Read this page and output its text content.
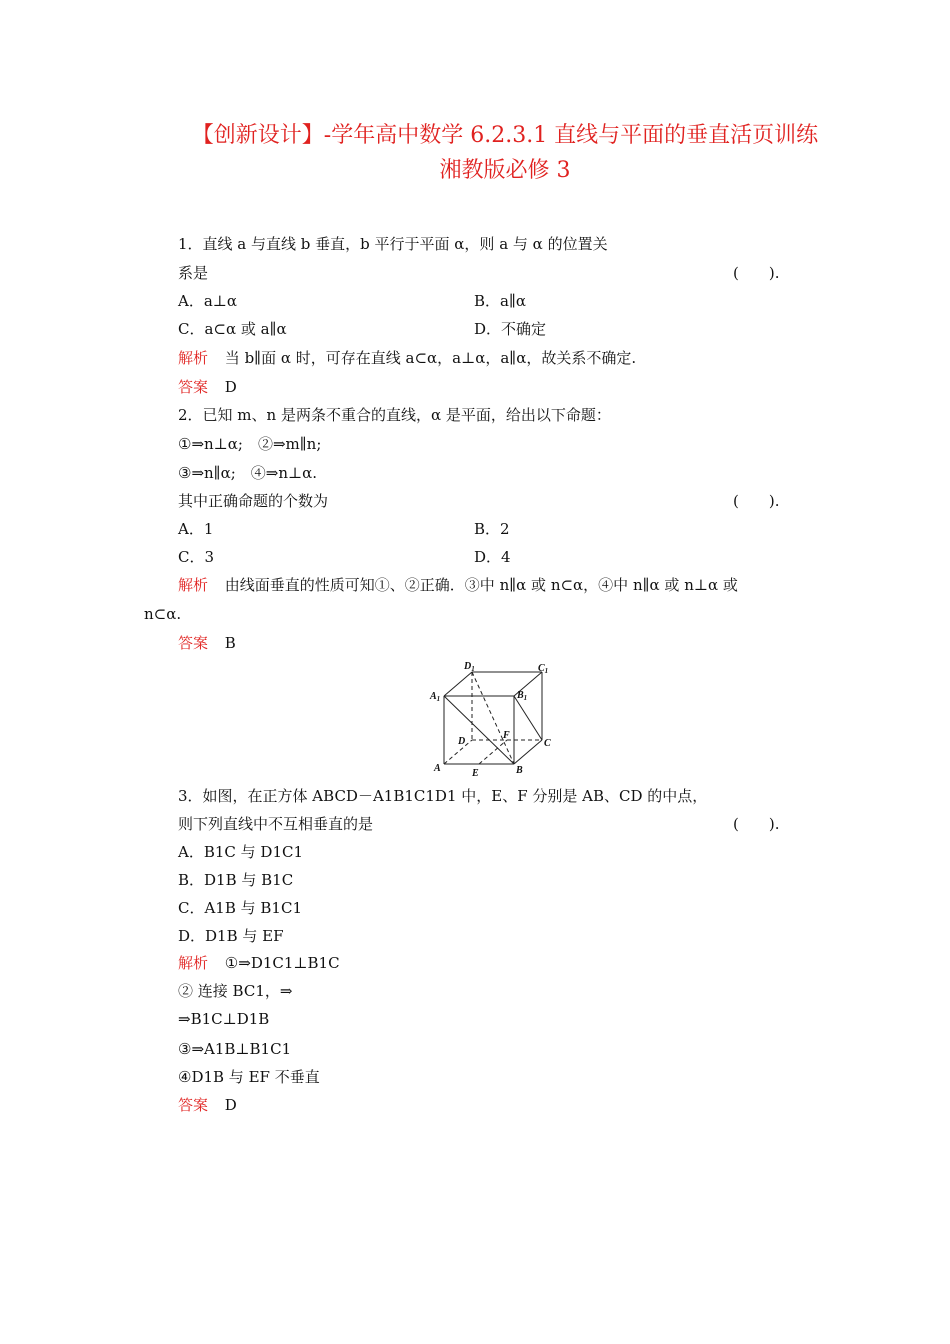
【创新设计】-学年高中数学 6.2.3.1 直线与平面的垂直活页训练
湘教版必修 3
1．直线 a 与直线 b 垂直，b 平行于平面 α，则 a 与 α 的位置关
系是	(　　).
A．a⊥α	B．a∥α
C．a⊂α 或 a∥α	D．不确定
解析 当 b∥面 α 时，可存在直线 a⊂α，a⊥α，a∥α，故关系不确定.
答案 D
2．已知 m、n 是两条不重合的直线，α 是平面，给出以下命题：
①⇒n⊥α;　②⇒m∥n;
③⇒n∥α;　④⇒n⊥α.
其中正确命题的个数为	(　　).
A．1	B．2
C．3	D．4
解析 由线面垂直的性质可知①、②正确．③中 n∥α 或 n⊂α，④中 n∥α 或 n⊥α 或
n⊂α.
答案 B
$D_1$	$C_1$
$A_1$	$B_1$
D
F
C
A	E	B
3．如图，在正方体 ABCD－A1B1C1D1 中，E、F 分别是 AB、CD 的中点，
则下列直线中不互相垂直的是	(　　).
A．B1C 与 D1C1
B．D1B 与 B1C
C．A1B 与 B1C1
D．D1B 与 EF
解析 ①⇒D1C1⊥B1C
② 连接 BC1，⇒
⇒B1C⊥D1B
③⇒A1B⊥B1C1
④D1B 与 EF 不垂直
答案 D
